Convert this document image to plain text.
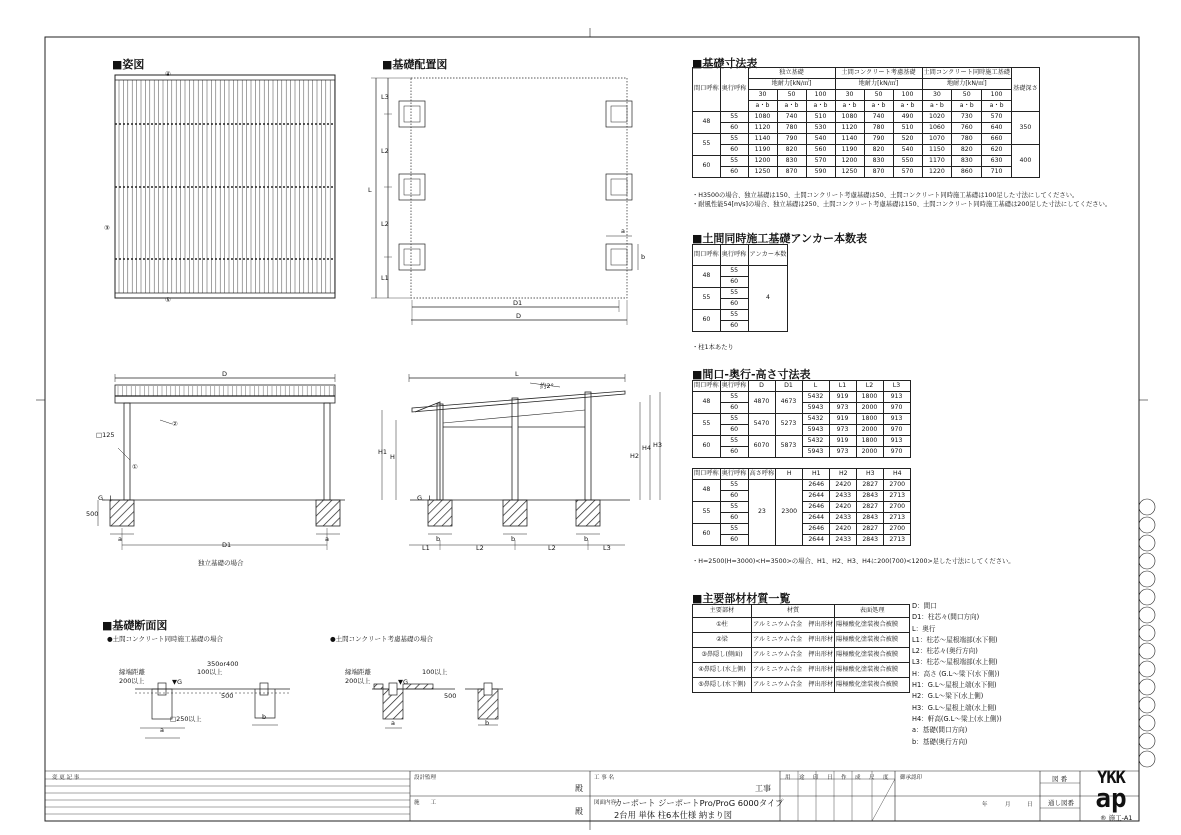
■姿図	■基礎配置図	■基礎寸法表
■土間同時施工基礎アンカー本数表
■間口-奥行-高さ寸法表
■主要部材材質一覧
■基礎断面図
④
③
⑤
L3
L2
L
L2
L1
D1
D
a
b
D
②
□125
①
G．L
500
a	a
D1
独立基礎の場合
L
約2°
H1
H	H2
H4 H3
G．L
b	b	b
L1	L2	L2	L3
●土間コンクリート同時施工基礎の場合	●土間コンクリート考慮基礎の場合
縁端距離
200以上	▼G
100以上
350or400
500
□250以上
a
b
縁端距離
200以上	▼G
100以上
500
a	b
間口呼称	奥行呼称	独立基礎			土間コンクリート考慮基礎			土間コンクリート同時施工基礎			基礎深さ
		地耐力[kN/㎡]			地耐力[kN/㎡]			地耐力[kN/㎡]			
		30	50	100	30	50	100	30	50	100	
		a・b	a・b	a・b	a・b	a・b	a・b	a・b	a・b	a・b	
48	55	1080	740	510	1080	740	490	1020	730	570	350
	60	1120	780	530	1120	780	510	1060	760	640	
55	55	1140	790	540	1140	790	520	1070	780	660	
	60	1190	820	560	1190	820	540	1150	820	620	400
60	55	1200	830	570	1200	830	550	1170	830	630	
	60	1250	870	590	1250	870	570	1220	860	710	
・H3500の場合、独立基礎は150、土間コンクリート考慮基礎は50、土間コンクリート同時施工基礎は100足した寸法にしてください。
・耐風性能54[m/s]の場合、独立基礎は250、土間コンクリート考慮基礎は150、土間コンクリート同時施工基礎は200足した寸法にしてください。
間口呼称	奥行呼称	アンカー本数
48	55	4
	60	
55	55	
	60	
60	55	
	60	
・柱1本あたり
間口呼称	奥行呼称	D	D1	L	L1	L2	L3
48	55	4870	4673	5432	919	1800	913
	60			5943	973	2000	970
55	55	5470	5273	5432	919	1800	913
	60			5943	973	2000	970
60	55	6070	5873	5432	919	1800	913
	60			5943	973	2000	970
間口呼称	奥行呼称	高さ呼称	H	H1	H2	H3	H4
48	55	23	2300	2646	2420	2827	2700
	60			2644	2433	2843	2713
55	55			2646	2420	2827	2700
	60			2644	2433	2843	2713
60	55			2646	2420	2827	2700
	60			2644	2433	2843	2713
・H=2500(H=3000)<H=3500>の場合、H1、H2、H3、H4に200(700)<1200>足した寸法にしてください。
主要部材	材質	表面処理
①柱	アルミニウム合金　押出形材	陽極酸化塗装複合被膜
②梁	アルミニウム合金　押出形材	陽極酸化塗装複合被膜
③鼻隠し(側面)	アルミニウム合金　押出形材	陽極酸化塗装複合被膜
④鼻隠し(水上側)	アルミニウム合金　押出形材	陽極酸化塗装複合被膜
⑤鼻隠し(水下側)	アルミニウム合金　押出形材	陽極酸化塗装複合被膜
D：間口
D1：柱芯々(間口方向)
L：奥行
L1：柱芯～屋根端部(水下側)
L2：柱芯々(奥行方向)
L3：柱芯～屋根端部(水上側)
H：高さ (G.L～梁下(水下側))
H1：G.L～屋根上端(水下側)
H2：G.L～梁下(水上側)
H3：G.L～屋根上端(水上側)
H4：軒高(G.L～梁上(水上側))
a：基礎(間口方向)
b：基礎(奥行方向)
変 更 記 事	設計監理
殿
施　　工
殿
工 事 名
工事
図面内容
カーポート ジーポートPro/ProG 6000タイプ
2台用 単体 柱6本仕様 納まり図
用 途 印 日 作 成 尺 度 御承認印
年	月	日
図 番
通し図番
YKK
ap
® 施工-A1
